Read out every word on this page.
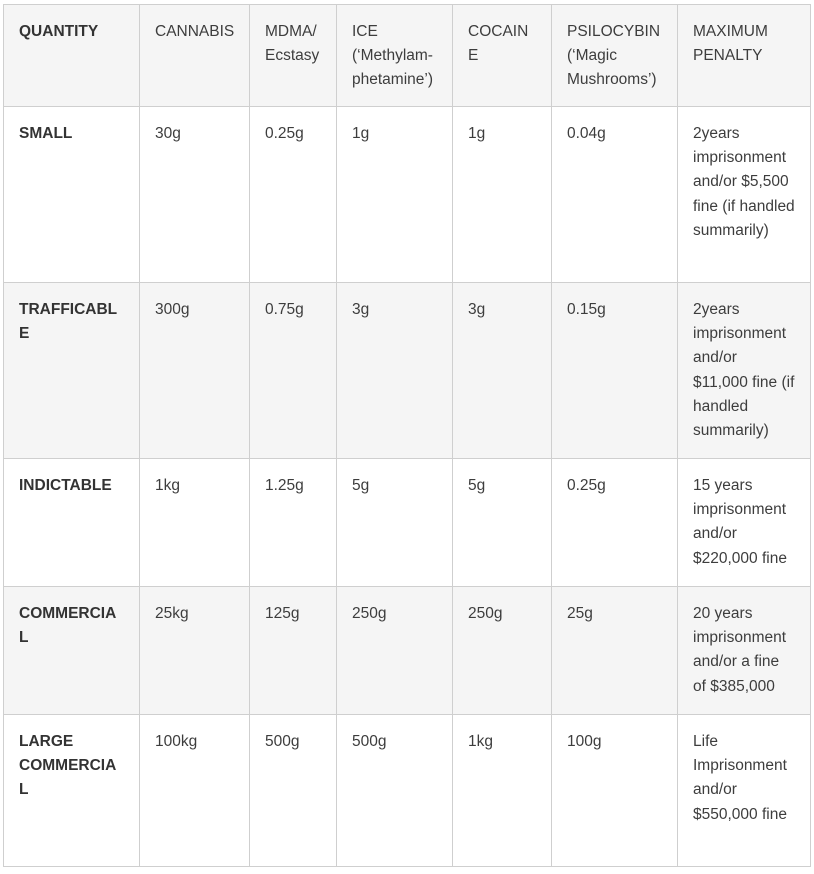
QUANTITY	CANNABIS	MDMA/ Ecstasy	ICE (‘Methylam-phetamine’)	COCAINE	PSILOCYBIN (‘Magic Mushrooms’)	MAXIMUM PENALTY
SMALL	30g	0.25g	1g	1g	0.04g	2years imprisonment and/or $5,500 fine (if handled summarily)
TRAFFICABLE	300g	0.75g	3g	3g	0.15g	2years imprisonment and/or $11,000 fine (if handled summarily)
INDICTABLE	1kg	1.25g	5g	5g	0.25g	15 years imprisonment and/or $220,000 fine
COMMERCIAL	25kg	125g	250g	250g	25g	20 years imprisonment and/or a fine of $385,000
LARGE COMMERCIAL	100kg	500g	500g	1kg	100g	Life Imprisonment and/or $550,000 fine
